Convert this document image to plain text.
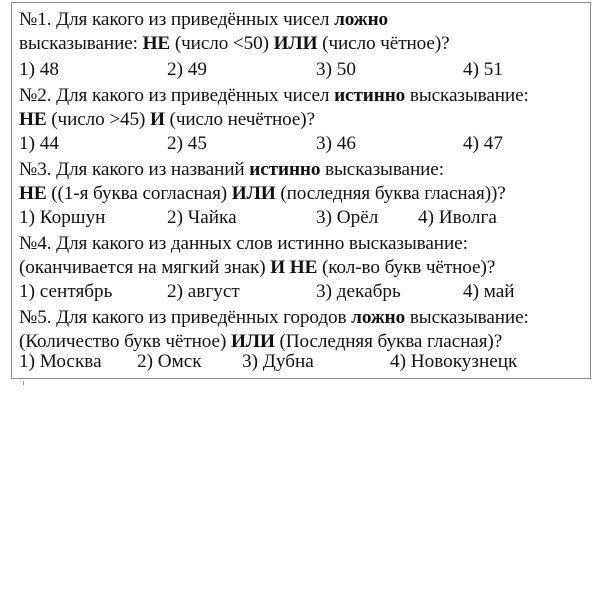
№1. Для какого из приведённых чисел ложно
высказывание: НЕ (число <50) ИЛИ (число чётное)?
1) 48	2) 49	3) 50	4) 51
№2. Для какого из приведённых чисел истинно высказывание:
НЕ (число >45) И (число нечётное)?
1) 44	2) 45	3) 46	4) 47
№3. Для какого из названий истинно высказывание:
НЕ ((1-я буква согласная) ИЛИ (последняя буква гласная))?
1) Коршун	2) Чайка	3) Орёл 4) Иволга
№4. Для какого из данных слов истинно высказывание:
(оканчивается на мягкий знак) И НЕ (кол-во букв чётное)?
1) сентябрь	2) август	3) декабрь	4) май
№5. Для какого из приведённых городов ложно высказывание:
(Количество букв чётное) ИЛИ (Последняя буква гласная)?
1) Москва 2) Омск 3) Дубна	4) Новокузнецк
